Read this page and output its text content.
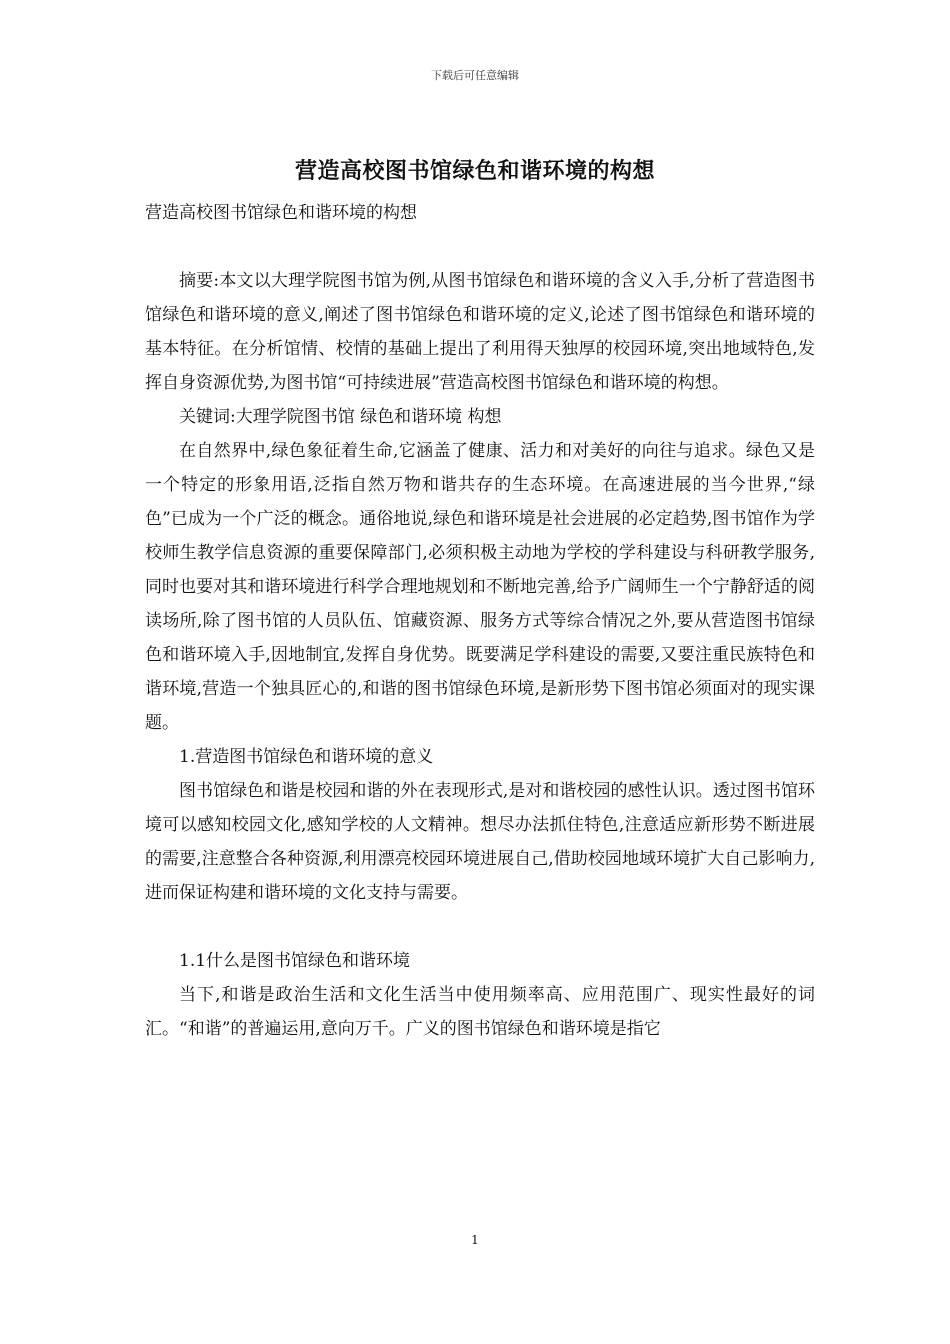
下载后可任意编辑
营造高校图书馆绿色和谐环境的构想

营造高校图书馆绿色和谐环境的构想

摘要:本文以大理学院图书馆为例,从图书馆绿色和谐环境的含义入手,分析了营造图书馆绿色和谐环境的意义,阐述了图书馆绿色和谐环境的定义,论述了图书馆绿色和谐环境的基本特征。在分析馆情、校情的基础上提出了利用得天独厚的校园环境,突出地域特色,发挥自身资源优势,为图书馆“可持续进展”营造高校图书馆绿色和谐环境的构想。

关键词:大理学院图书馆 绿色和谐环境 构想

在自然界中,绿色象征着生命,它涵盖了健康、活力和对美好的向往与追求。绿色又是一个特定的形象用语,泛指自然万物和谐共存的生态环境。在高速进展的当今世界,“绿色”已成为一个广泛的概念。通俗地说,绿色和谐环境是社会进展的必定趋势,图书馆作为学校师生教学信息资源的重要保障部门,必须积极主动地为学校的学科建设与科研教学服务,同时也要对其和谐环境进行科学合理地规划和不断地完善,给予广阔师生一个宁静舒适的阅读场所,除了图书馆的人员队伍、馆藏资源、服务方式等综合情况之外,要从营造图书馆绿色和谐环境入手,因地制宜,发挥自身优势。既要满足学科建设的需要,又要注重民族特色和谐环境,营造一个独具匠心的,和谐的图书馆绿色环境,是新形势下图书馆必须面对的现实课题。

1.营造图书馆绿色和谐环境的意义

图书馆绿色和谐是校园和谐的外在表现形式,是对和谐校园的感性认识。透过图书馆环境可以感知校园文化,感知学校的人文精神。想尽办法抓住特色,注意适应新形势不断进展的需要,注意整合各种资源,利用漂亮校园环境进展自己,借助校园地域环境扩大自己影响力,进而保证构建和谐环境的文化支持与需要。

1.1什么是图书馆绿色和谐环境

当下,和谐是政治生活和文化生活当中使用频率高、应用范围广、现实性最好的词汇。“和谐”的普遍运用,意向万千。广义的图书馆绿色和谐环境是指它

1
